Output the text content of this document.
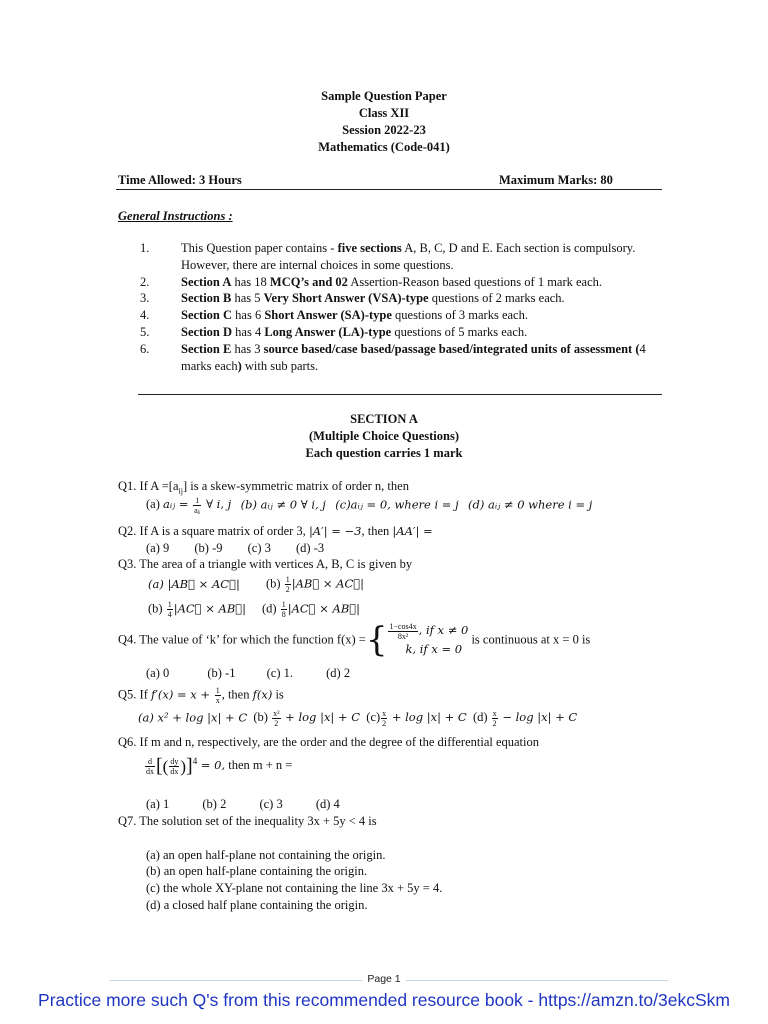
Sample Question Paper
Class XII
Session 2022-23
Mathematics (Code-041)
Time Allowed: 3 Hours	Maximum Marks: 80
General Instructions :
1.	This Question paper contains - five sections A, B, C, D and E. Each section is compulsory. However, there are internal choices in some questions.
2.	Section A has 18 MCQ’s and 02 Assertion-Reason based questions of 1 mark each.
3.	Section B has 5 Very Short Answer (VSA)-type questions of 2 marks each.
4.	Section C has 6 Short Answer (SA)-type questions of 3 marks each.
5.	Section D has 4 Long Answer (LA)-type questions of 5 marks each.
6.	Section E has 3 source based/case based/passage based/integrated units of assessment (4 marks each) with sub parts.
SECTION A
(Multiple Choice Questions)
Each question carries 1 mark
Q1. If $A =[a_{ij}]$ is a skew-symmetric matrix of order n, then
(a) aᵢⱼ = $\frac{1}{\text{aⱼᵢ}}$ ∀ i, j (b) aᵢⱼ ≠ 0 ∀ i, j (c)aᵢⱼ = 0, where i = j (d) aᵢⱼ ≠ 0 where i = j
Q2. If A is a square matrix of order 3, |A′| = −3, then |AA′| =
(a) 9 (b) -9 (c) 3 (d) -3
Q3. The area of a triangle with vertices A, B, C is given by
(a) |AB⃗ × AC⃗| $(b) \frac{1}{2}$ |AB⃗ × AC⃗|
$(b) \frac{1}{4}$ |AC⃗ × AB⃗| $(d) \frac{1}{8}$ |AC⃗ × AB⃗|
Q4. The value of ‘k’ for which the function f(x) ={ $\frac{1-\cos 4x}{\text{8x²}}$ , if x ≠ 0
k, if x = 0
is continuous at x = 0 is
(a) 0	(b) -1 (c) 1.	(d) 2
Q5. If $f'(x) = x + \frac{1}{x}$ , then f(x) is
(a) x² + log |x| + C $(b) \frac{\text{x²}}{2} + \log |x| + C$ $(c) \frac{x}{2} + \log |x| + C$ $(d) \frac{x}{2} - \log |x| + C$
Q6. If m and n, respectively, are the order and the degree of the differential equation
$\frac{d}{dx}$ [( $\frac{dy}{dx} )]^4 = 0$, then m + n =
(a) 1	(b) 2	(c) 3	(d) 4
Q7. The solution set of the inequality 3x + 5y < 4 is
(a) an open half-plane not containing the origin.
(b) an open half-plane containing the origin.
(c) the whole XY-plane not containing the line 3x + 5y = 4.
(d) a closed half plane containing the origin.
Page 1
Practice more such Q's from this recommended resource book - https://amzn.to/3ekcSkm
